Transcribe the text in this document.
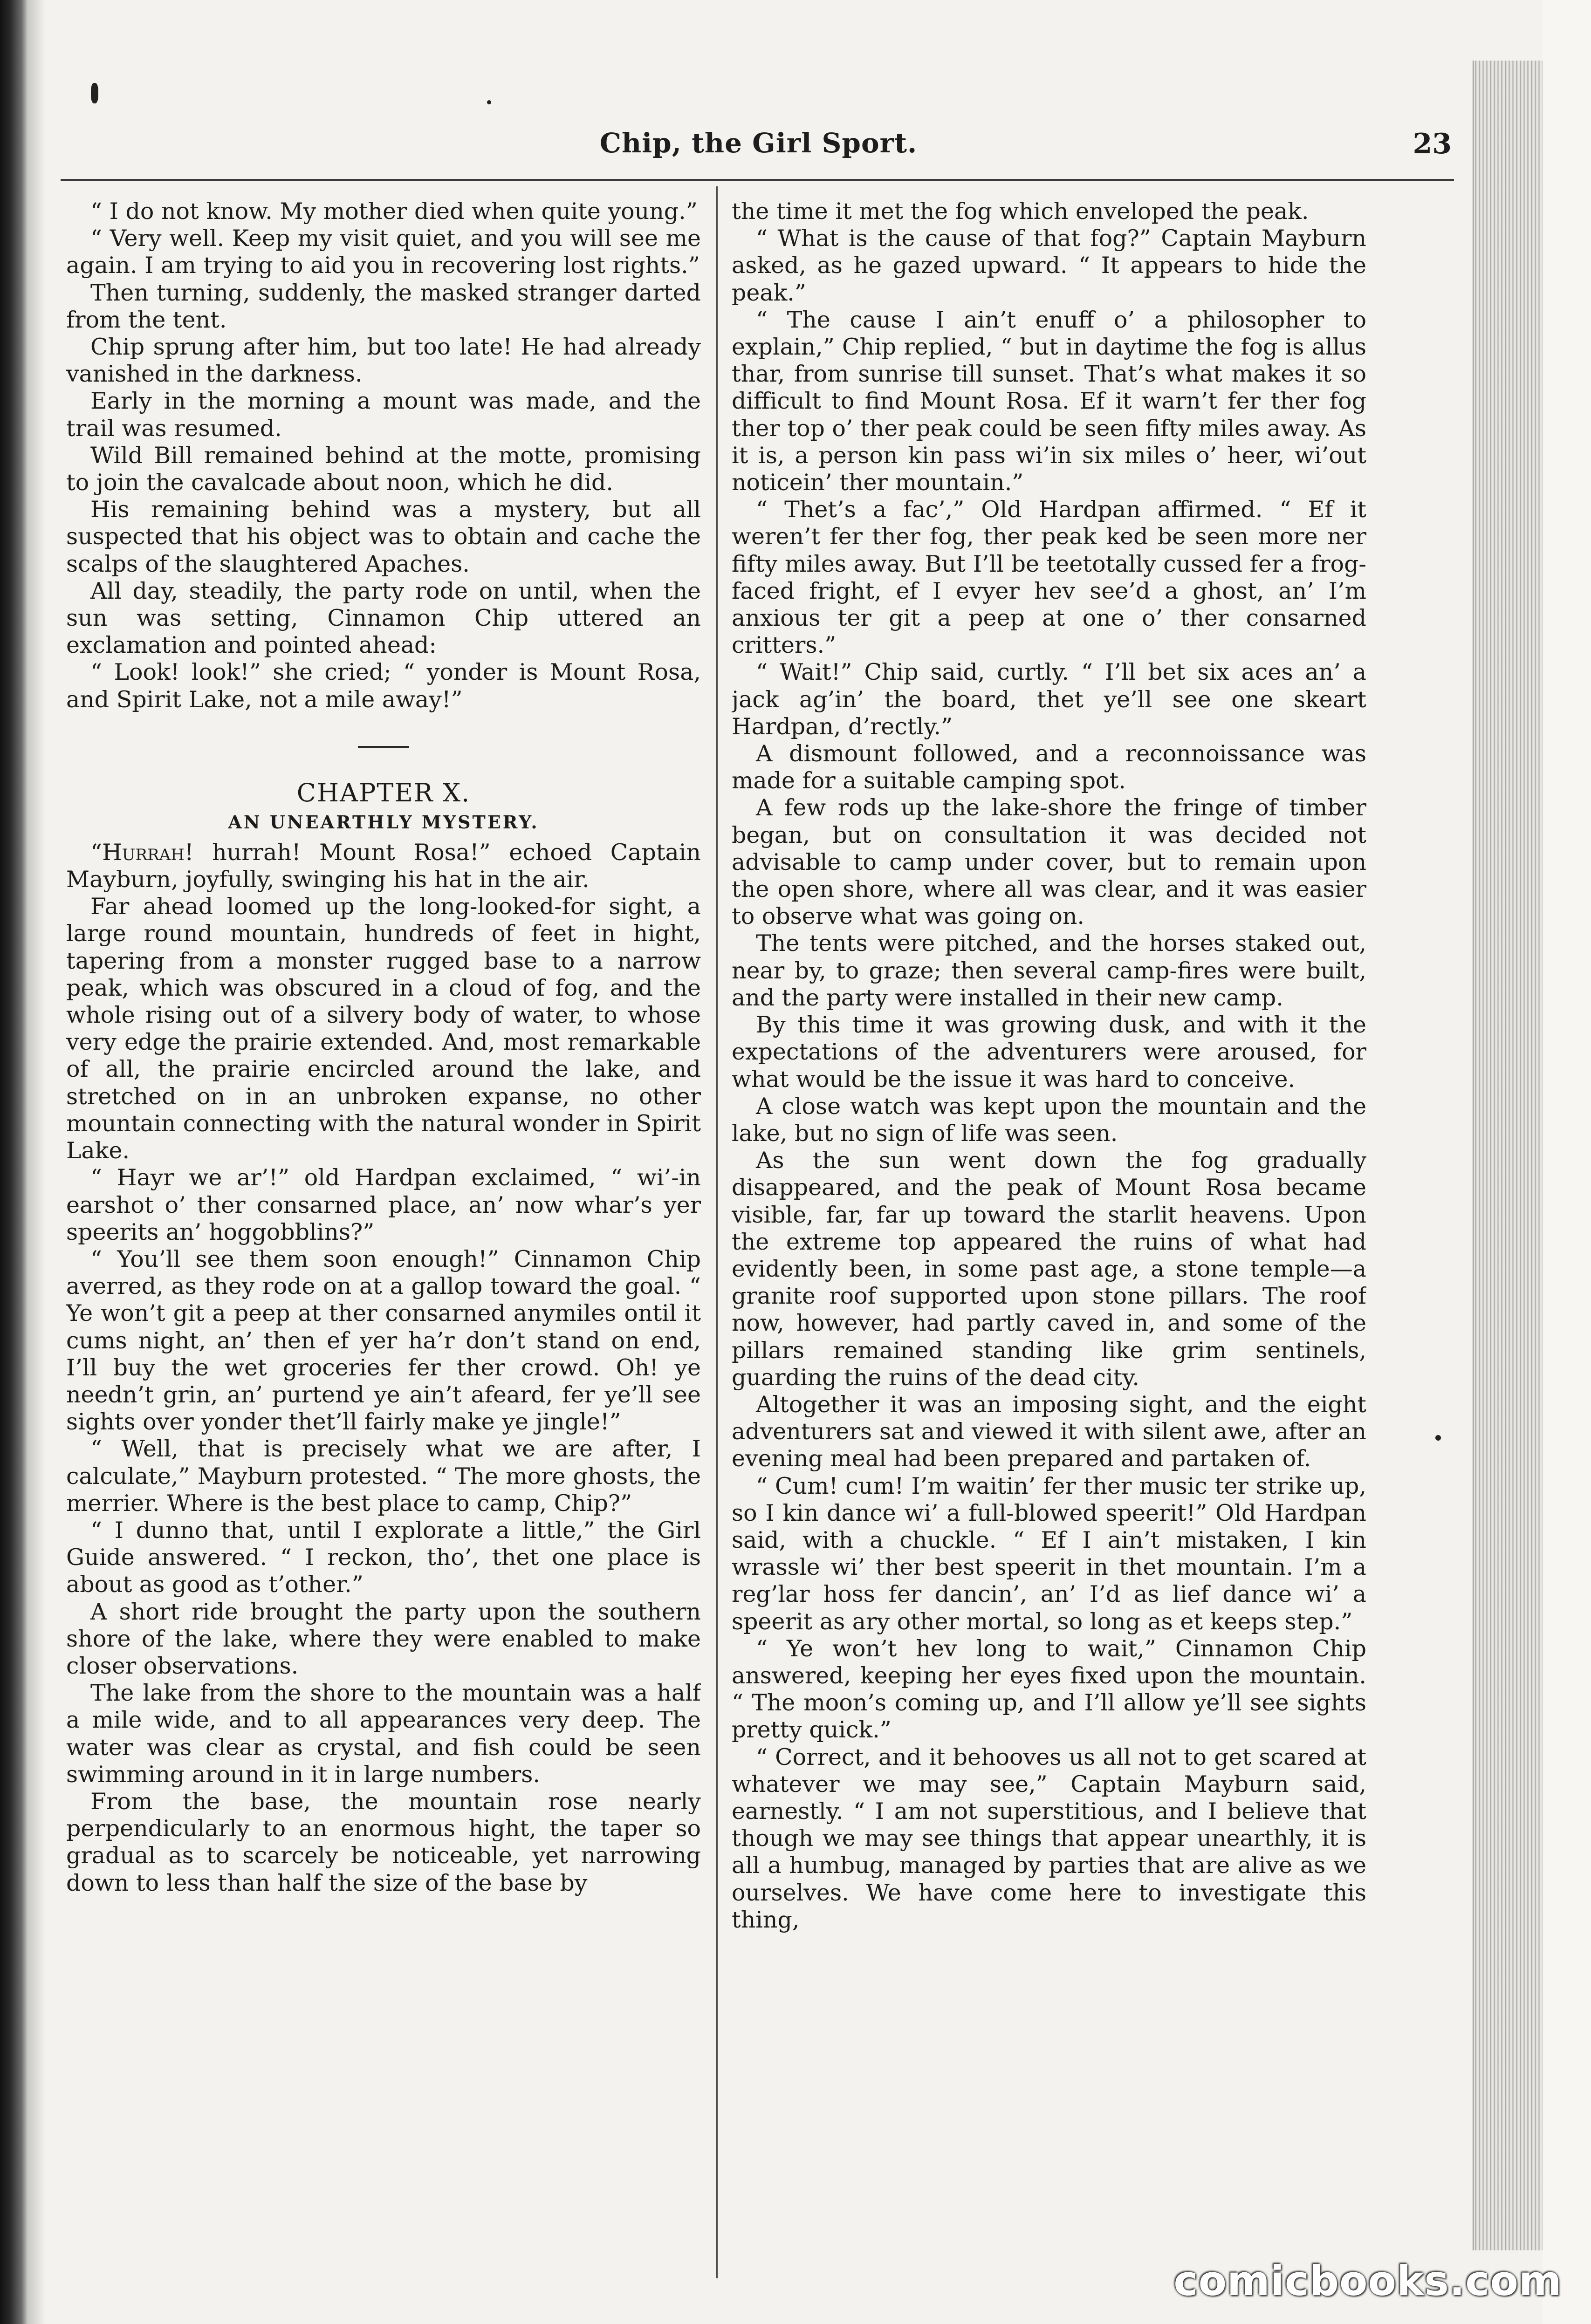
Chip, the Girl Sport.	23

“ I do not know. My mother died when quite young.”

“ Very well. Keep my visit quiet, and you will see me again. I am trying to aid you in recovering lost rights.”

Then turning, suddenly, the masked stranger darted from the tent.

Chip sprung after him, but too late! He had already vanished in the darkness.

Early in the morning a mount was made, and the trail was resumed.

Wild Bill remained behind at the motte, promising to join the cavalcade about noon, which he did.

His remaining behind was a mystery, but all suspected that his object was to obtain and cache the scalps of the slaughtered Apaches.

All day, steadily, the party rode on until, when the sun was setting, Cinnamon Chip uttered an exclamation and pointed ahead:

“ Look! look!” she cried; “ yonder is Mount Rosa, and Spirit Lake, not a mile away!”

CHAPTER X.
AN UNEARTHLY MYSTERY.

“Hurrah! hurrah! Mount Rosa!” echoed Captain Mayburn, joyfully, swinging his hat in the air.

Far ahead loomed up the long-looked-for sight, a large round mountain, hundreds of feet in hight, tapering from a monster rugged base to a narrow peak, which was obscured in a cloud of fog, and the whole rising out of a silvery body of water, to whose very edge the prairie extended. And, most remarkable of all, the prairie encircled around the lake, and stretched on in an unbroken expanse, no other mountain connecting with the natural wonder in Spirit Lake.

“ Hayr we ar’!” old Hardpan exclaimed, “ wi’-in earshot o’ ther consarned place, an’ now whar’s yer speerits an’ hoggobblins?”

“ You’ll see them soon enough!” Cinnamon Chip averred, as they rode on at a gallop toward the goal. “ Ye won’t git a peep at ther consarned anymiles ontil it cums night, an’ then ef yer ha’r don’t stand on end, I’ll buy the wet groceries fer ther crowd. Oh! ye needn’t grin, an’ purtend ye ain’t afeard, fer ye’ll see sights over yonder thet’ll fairly make ye jingle!”

“ Well, that is precisely what we are after, I calculate,” Mayburn protested. “ The more ghosts, the merrier. Where is the best place to camp, Chip?”

“ I dunno that, until I explorate a little,” the Girl Guide answered. “ I reckon, tho’, thet one place is about as good as t’other.”

A short ride brought the party upon the southern shore of the lake, where they were enabled to make closer observations.

The lake from the shore to the mountain was a half a mile wide, and to all appearances very deep. The water was clear as crystal, and fish could be seen swimming around in it in large numbers.

From the base, the mountain rose nearly perpendicularly to an enormous hight, the taper so gradual as to scarcely be noticeable, yet narrowing down to less than half the size of the base by

the time it met the fog which enveloped the peak.

“ What is the cause of that fog?” Captain Mayburn asked, as he gazed upward. “ It appears to hide the peak.”

“ The cause I ain’t enuff o’ a philosopher to explain,” Chip replied, “ but in daytime the fog is allus thar, from sunrise till sunset. That’s what makes it so difficult to find Mount Rosa. Ef it warn’t fer ther fog ther top o’ ther peak could be seen fifty miles away. As it is, a person kin pass wi’in six miles o’ heer, wi’out noticein’ ther mountain.”

“ Thet’s a fac’,” Old Hardpan affirmed. “ Ef it weren’t fer ther fog, ther peak ked be seen more ner fifty miles away. But I’ll be teetotally cussed fer a frog-faced fright, ef I evyer hev see’d a ghost, an’ I’m anxious ter git a peep at one o’ ther consarned critters.”

“ Wait!” Chip said, curtly. “ I’ll bet six aces an’ a jack ag’in’ the board, thet ye’ll see one skeart Hardpan, d’rectly.”

A dismount followed, and a reconnoissance was made for a suitable camping spot.

A few rods up the lake-shore the fringe of timber began, but on consultation it was decided not advisable to camp under cover, but to remain upon the open shore, where all was clear, and it was easier to observe what was going on.

The tents were pitched, and the horses staked out, near by, to graze; then several camp-fires were built, and the party were installed in their new camp.

By this time it was growing dusk, and with it the expectations of the adventurers were aroused, for what would be the issue it was hard to conceive.

A close watch was kept upon the mountain and the lake, but no sign of life was seen.

As the sun went down the fog gradually disappeared, and the peak of Mount Rosa became visible, far, far up toward the starlit heavens. Upon the extreme top appeared the ruins of what had evidently been, in some past age, a stone temple—a granite roof supported upon stone pillars. The roof now, however, had partly caved in, and some of the pillars remained standing like grim sentinels, guarding the ruins of the dead city.

Altogether it was an imposing sight, and the eight adventurers sat and viewed it with silent awe, after an evening meal had been prepared and partaken of.

“ Cum! cum! I’m waitin’ fer ther music ter strike up, so I kin dance wi’ a full-blowed speerit!” Old Hardpan said, with a chuckle. “ Ef I ain’t mistaken, I kin wrassle wi’ ther best speerit in thet mountain. I’m a reg’lar hoss fer dancin’, an’ I’d as lief dance wi’ a speerit as ary other mortal, so long as et keeps step.”

“ Ye won’t hev long to wait,” Cinnamon Chip answered, keeping her eyes fixed upon the mountain. “ The moon’s coming up, and I’ll allow ye’ll see sights pretty quick.”

“ Correct, and it behooves us all not to get scared at whatever we may see,” Captain Mayburn said, earnestly. “ I am not superstitious, and I believe that though we may see things that appear unearthly, it is all a humbug, managed by parties that are alive as we ourselves. We have come here to investigate this thing,

comicbooks.com
